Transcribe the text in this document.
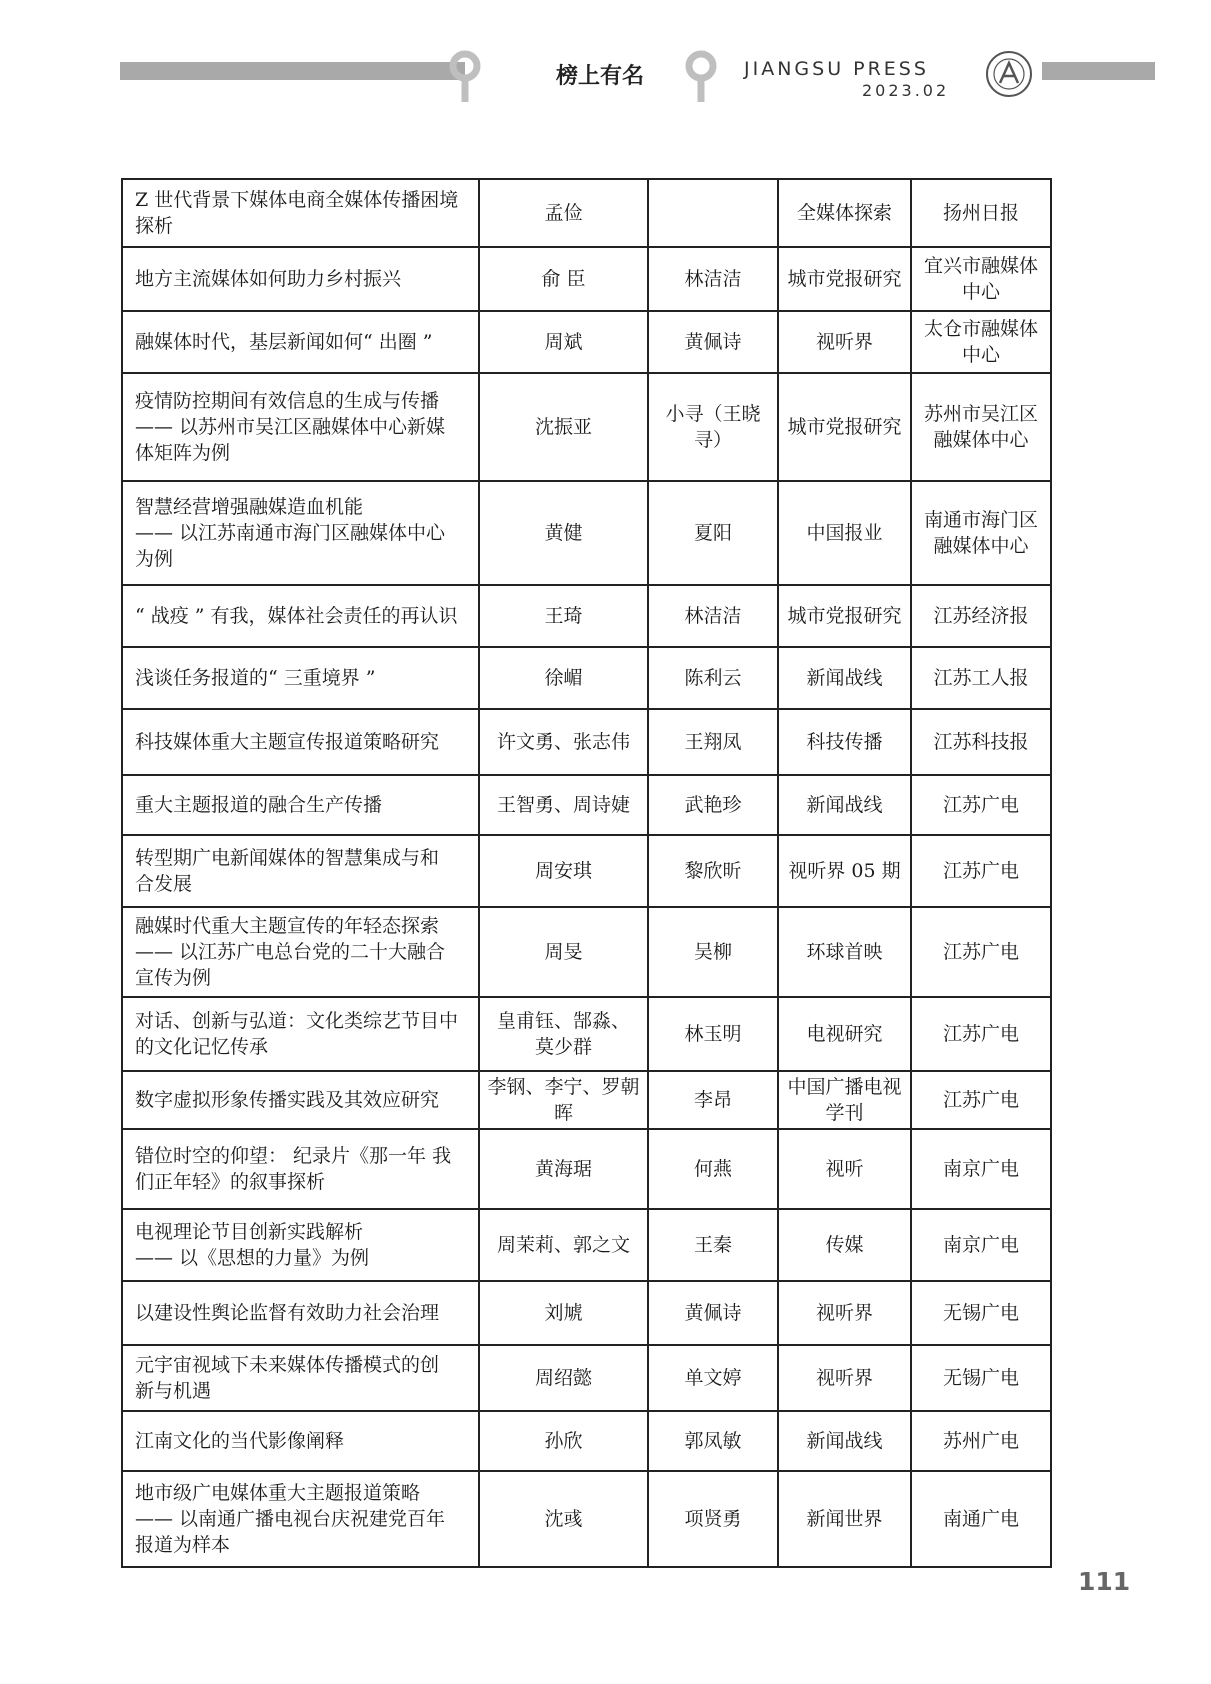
榜上有名	JIANGSU PRESS
2023.02
Z 世代背景下媒体电商全媒体传播困境
探析	孟俭		全媒体探索	扬州日报

地方主流媒体如何助力乡村振兴	俞 臣	林洁洁	城市党报研究	宜兴市融媒体
中心

融媒体时代，基层新闻如何“ 出圈 ”	周斌	黄佩诗	视听界	太仓市融媒体
中心

疫情防控期间有效信息的生成与传播
—— 以苏州市吴江区融媒体中心新媒
体矩阵为例	沈振亚	小寻（王晓寻）	城市党报研究	苏州市吴江区
融媒体中心

智慧经营增强融媒造血机能
—— 以江苏南通市海门区融媒体中心
为例	黄健	夏阳	中国报业	南通市海门区
融媒体中心

“ 战疫 ” 有我，媒体社会责任的再认识	王琦	林洁洁	城市党报研究	江苏经济报

浅谈任务报道的“ 三重境界 ”	徐嵋	陈利云	新闻战线	江苏工人报

科技媒体重大主题宣传报道策略研究	许文勇、张志伟	王翔凤	科技传播	江苏科技报

重大主题报道的融合生产传播	王智勇、周诗婕	武艳珍	新闻战线	江苏广电

转型期广电新闻媒体的智慧集成与和
合发展	周安琪	黎欣昕	视听界 05 期	江苏广电

融媒时代重大主题宣传的年轻态探索
—— 以江苏广电总台党的二十大融合
宣传为例	周旻	吴柳	环球首映	江苏广电

对话、创新与弘道：文化类综艺节目中
的文化记忆传承	皇甫钰、郜淼、
莫少群	林玉明	电视研究	江苏广电

数字虚拟形象传播实践及其效应研究	李钢、李宁、罗朝晖	李昂	中国广播电视
学刊	江苏广电

错位时空的仰望： 纪录片《那一年 我
们正年轻》的叙事探析	黄海琚	何燕	视听	南京广电

电视理论节目创新实践解析
—— 以《思想的力量》为例	周茉莉、郭之文	王秦	传媒	南京广电

以建设性舆论监督有效助力社会治理	刘虓	黄佩诗	视听界	无锡广电

元宇宙视域下未来媒体传播模式的创
新与机遇	周绍懿	单文婷	视听界	无锡广电

江南文化的当代影像阐释	孙欣	郭凤敏	新闻战线	苏州广电

地市级广电媒体重大主题报道策略
—— 以南通广播电视台庆祝建党百年
报道为样本	沈彧	项贤勇	新闻世界	南通广电
111
